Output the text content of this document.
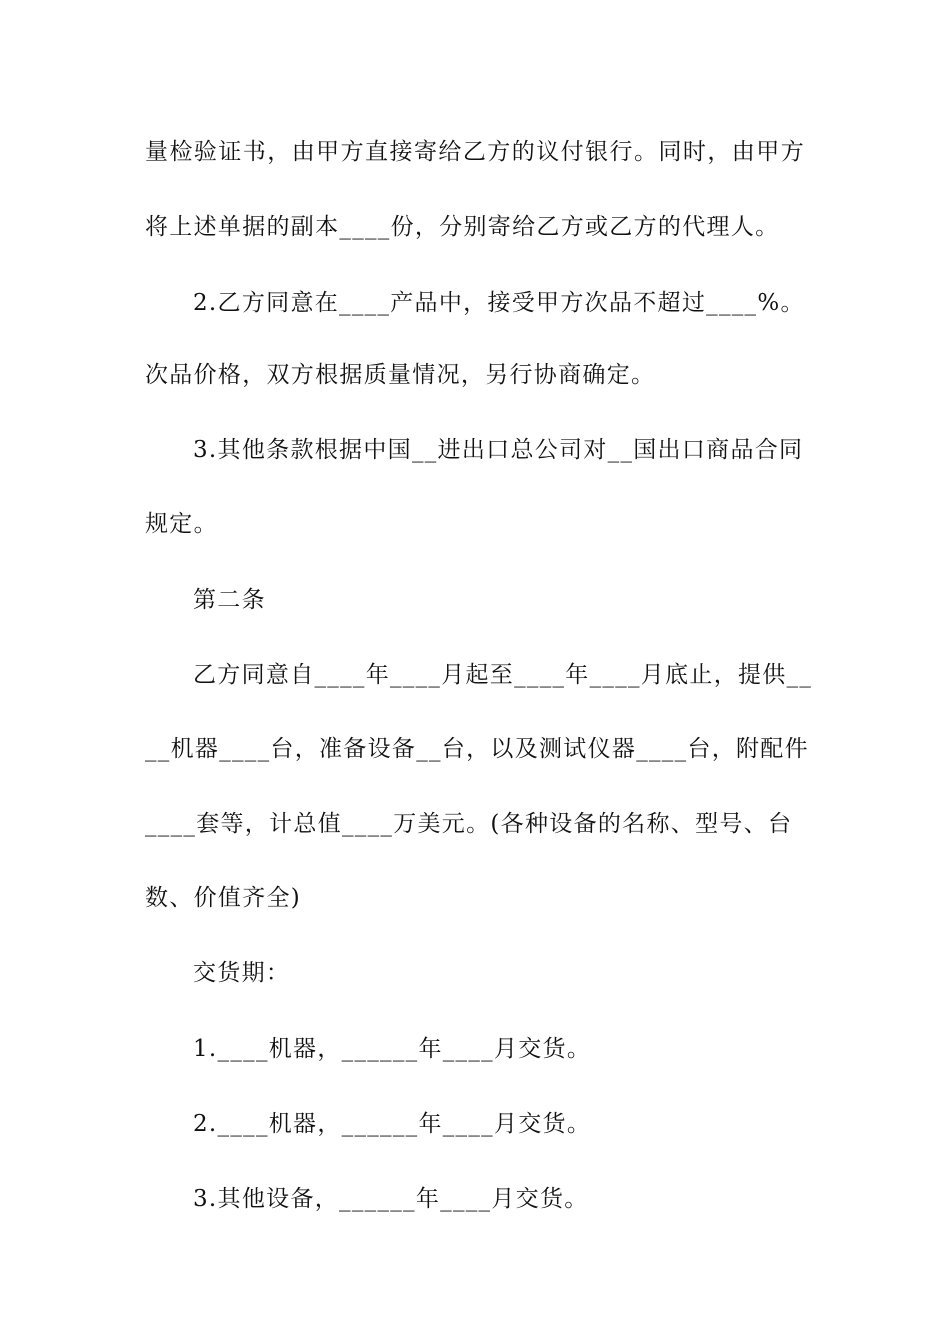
量检验证书，由甲方直接寄给乙方的议付银行。同时，由甲方
将上述单据的副本____份，分别寄给乙方或乙方的代理人。
2.乙方同意在____产品中，接受甲方次品不超过____%。
次品价格，双方根据质量情况，另行协商确定。
3.其他条款根据中国__进出口总公司对__国出口商品合同
规定。
第二条
乙方同意自____年____月起至____年____月底止，提供__
__机器____台，准备设备__台，以及测试仪器____台，附配件
____套等，计总值____万美元。(各种设备的名称、型号、台
数、价值齐全)
交货期：
1.____机器，______年____月交货。
2.____机器，______年____月交货。
3.其他设备，______年____月交货。
